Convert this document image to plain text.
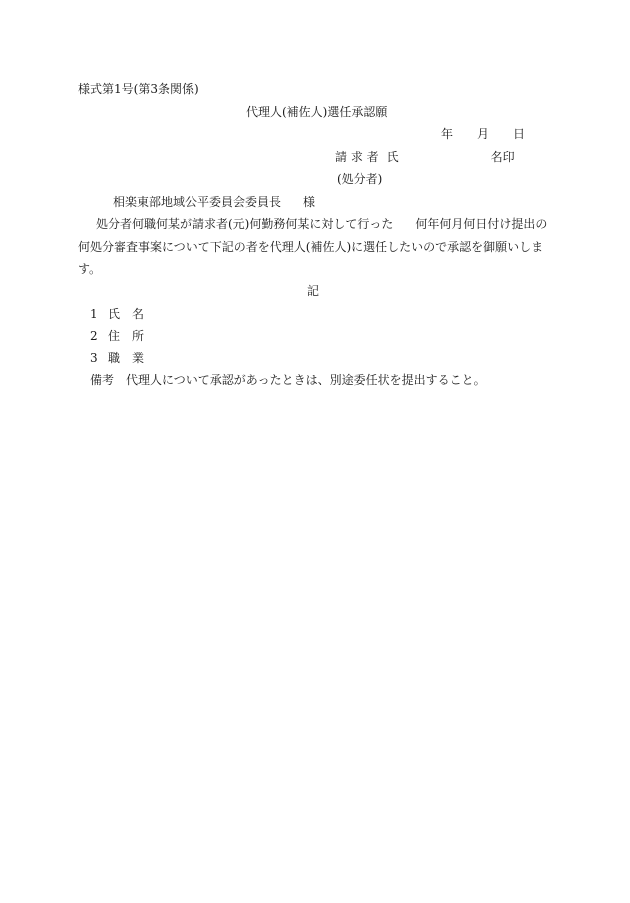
様式第1号(第3条関係)
代理人(補佐人)選任承認願
年 月 日
請 求 者 氏	名印
(処分者)
相楽東部地域公平委員会委員長 様
処分者何職何某が請求者(元)何勤務何某に対して行った 何年何月何日付け提出の
何処分審査事案について下記の者を代理人(補佐人)に選任したいので承認を御願いしま
す。
記
1 氏　名
2 住　所
3 職　業
備考 代理人について承認があったときは、別途委任状を提出すること。
